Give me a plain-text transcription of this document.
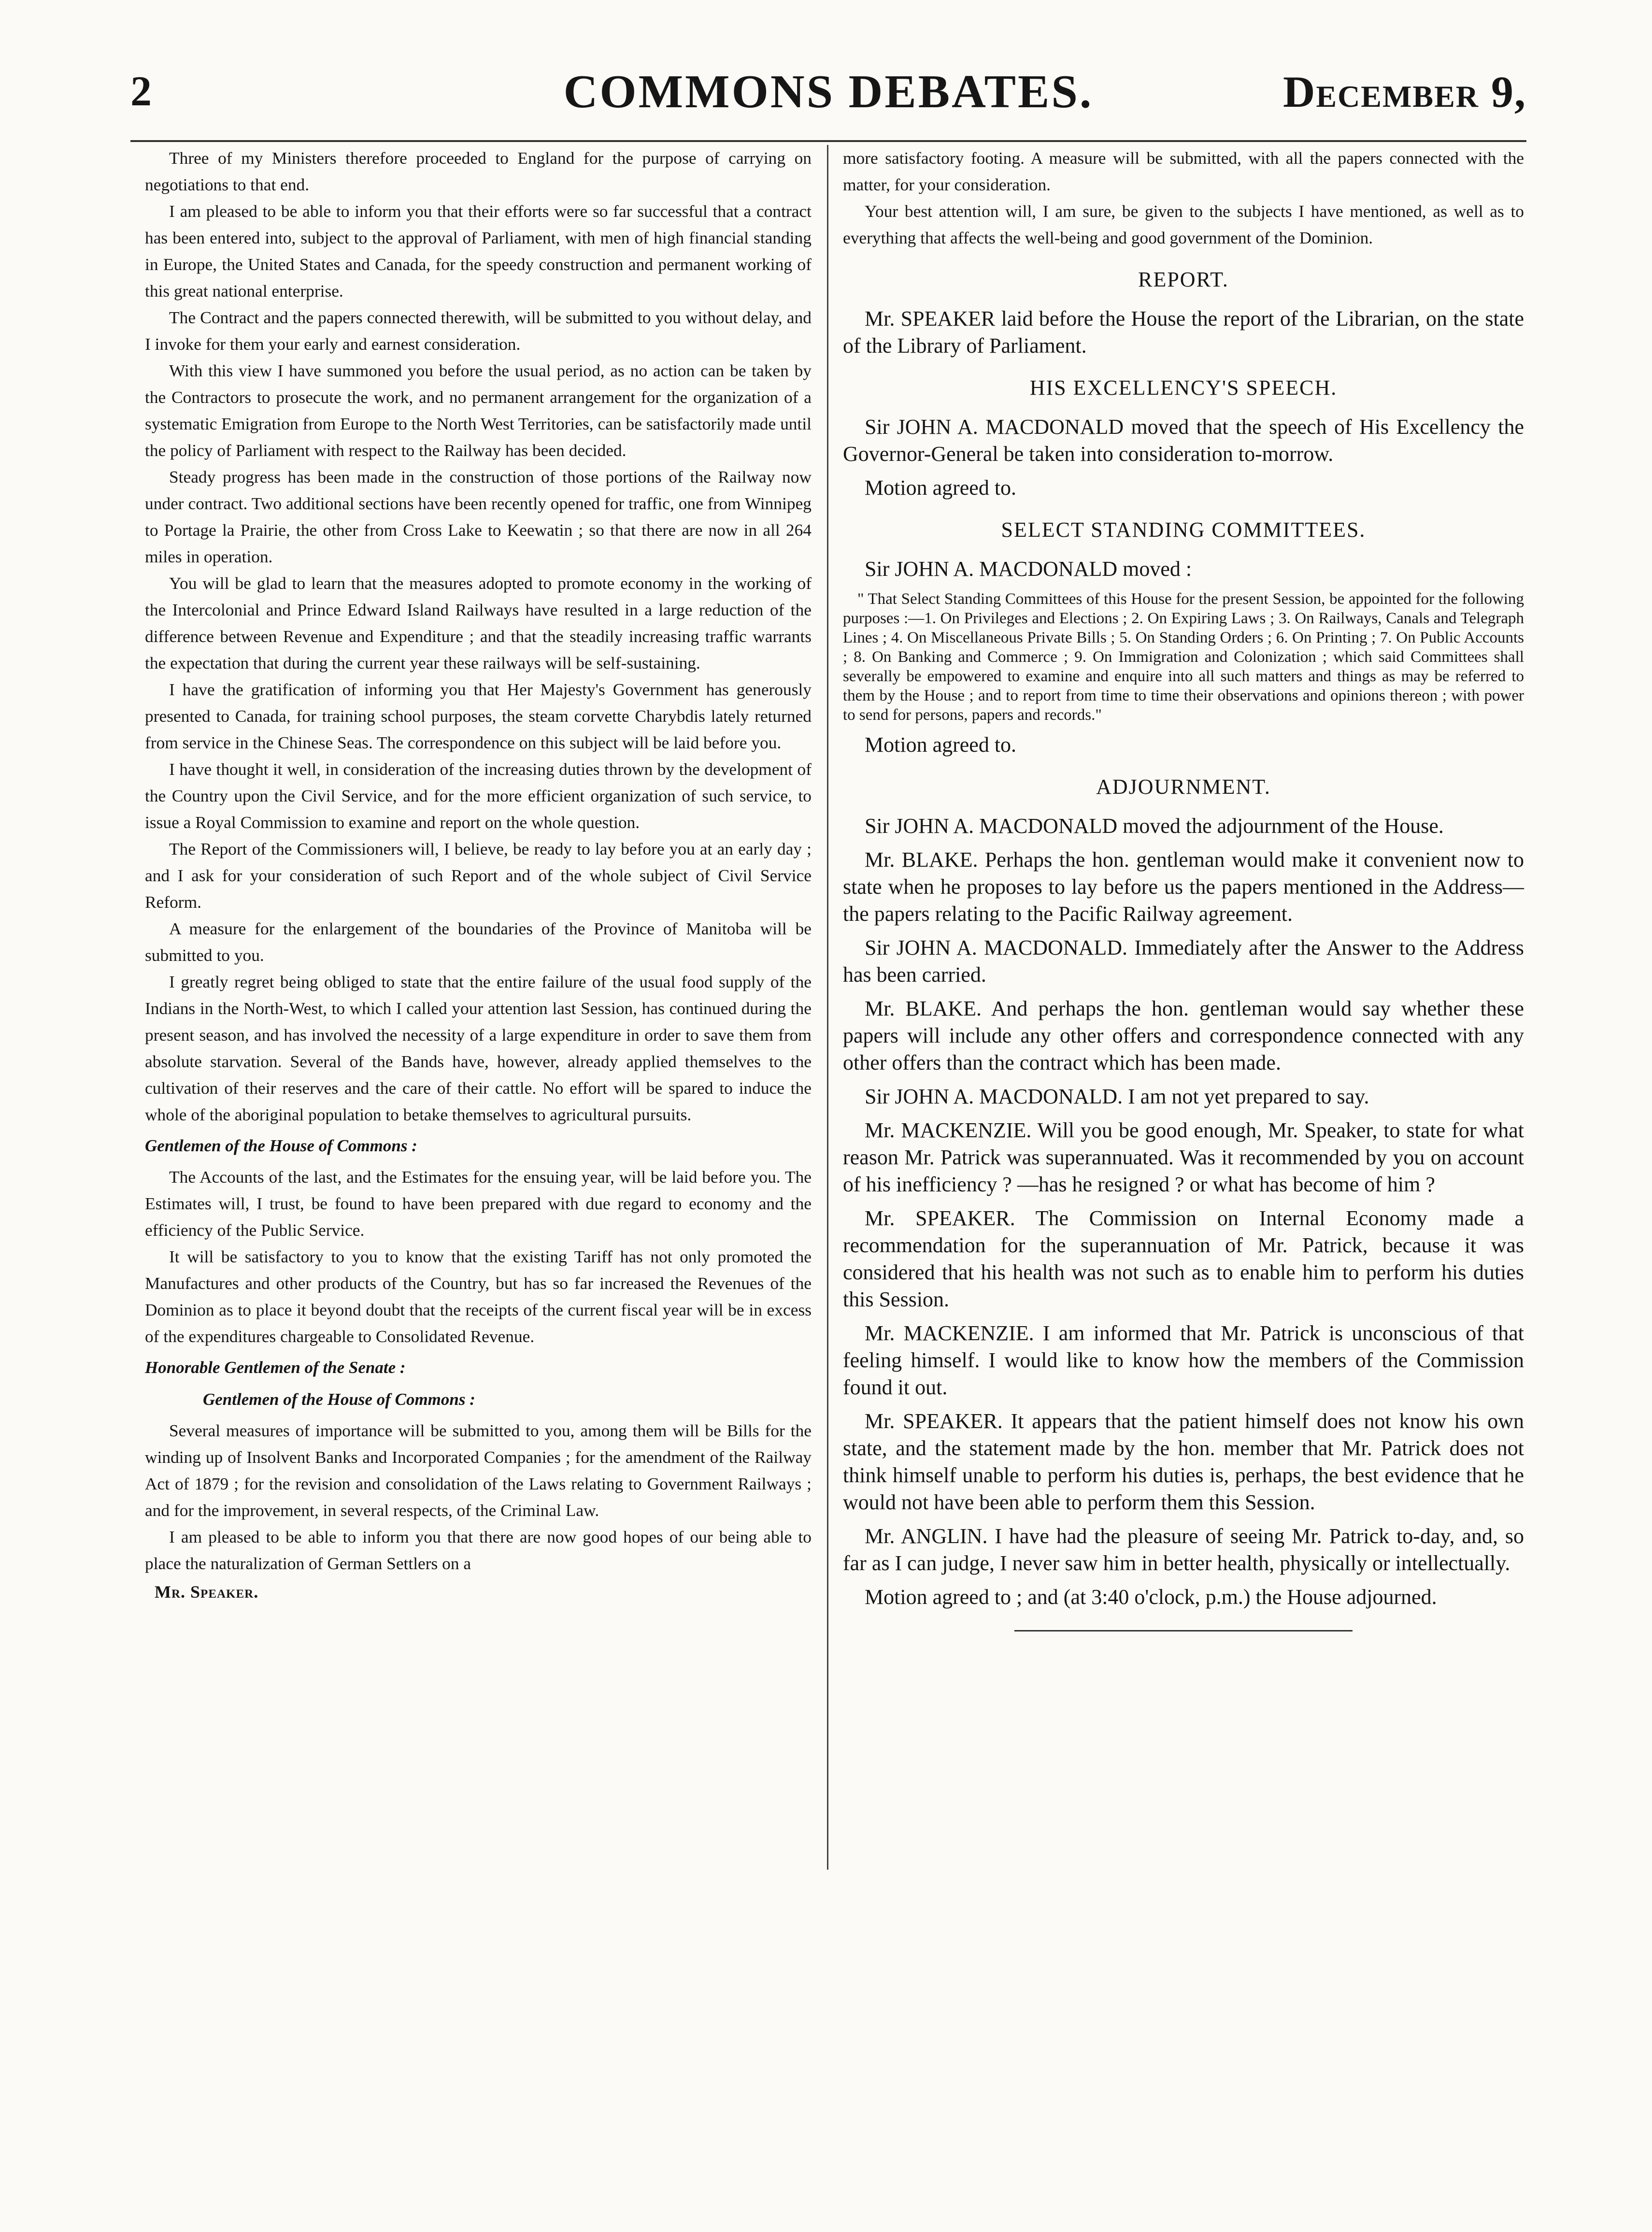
2	COMMONS DEBATES.	December 9,

Three of my Ministers therefore proceeded to England for the purpose of carrying on negotiations to that end.

I am pleased to be able to inform you that their efforts were so far successful that a contract has been entered into, subject to the approval of Parliament, with men of high financial standing in Europe, the United States and Canada, for the speedy construction and permanent working of this great national enterprise.

The Contract and the papers connected therewith, will be submitted to you without delay, and I invoke for them your early and earnest consideration.

With this view I have summoned you before the usual period, as no action can be taken by the Contractors to prosecute the work, and no permanent arrangement for the organization of a systematic Emigration from Europe to the North West Territories, can be satisfactorily made until the policy of Parliament with respect to the Railway has been decided.

Steady progress has been made in the construction of those portions of the Railway now under contract. Two additional sections have been recently opened for traffic, one from Winnipeg to Portage la Prairie, the other from Cross Lake to Keewatin ; so that there are now in all 264 miles in operation.

You will be glad to learn that the measures adopted to promote economy in the working of the Intercolonial and Prince Edward Island Railways have resulted in a large reduction of the difference between Revenue and Expenditure ; and that the steadily increasing traffic warrants the expectation that during the current year these railways will be self-sustaining.

I have the gratification of informing you that Her Majesty's Government has generously presented to Canada, for training school purposes, the steam corvette Charybdis lately returned from service in the Chinese Seas. The correspondence on this subject will be laid before you.

I have thought it well, in consideration of the increasing duties thrown by the development of the Country upon the Civil Service, and for the more efficient organization of such service, to issue a Royal Commission to examine and report on the whole question.

The Report of the Commissioners will, I believe, be ready to lay before you at an early day ; and I ask for your consideration of such Report and of the whole subject of Civil Service Reform.

A measure for the enlargement of the boundaries of the Province of Manitoba will be submitted to you.

I greatly regret being obliged to state that the entire failure of the usual food supply of the Indians in the North-West, to which I called your attention last Session, has continued during the present season, and has involved the necessity of a large expenditure in order to save them from absolute starvation. Several of the Bands have, however, already applied themselves to the cultivation of their reserves and the care of their cattle. No effort will be spared to induce the whole of the aboriginal population to betake themselves to agricultural pursuits.

Gentlemen of the House of Commons :

The Accounts of the last, and the Estimates for the ensuing year, will be laid before you. The Estimates will, I trust, be found to have been prepared with due regard to economy and the efficiency of the Public Service.

It will be satisfactory to you to know that the existing Tariff has not only promoted the Manufactures and other products of the Country, but has so far increased the Revenues of the Dominion as to place it beyond doubt that the receipts of the current fiscal year will be in excess of the expenditures chargeable to Consolidated Revenue.

Honorable Gentlemen of the Senate :
Gentlemen of the House of Commons :

Several measures of importance will be submitted to you, among them will be Bills for the winding up of Insolvent Banks and Incorporated Companies ; for the amendment of the Railway Act of 1879 ; for the revision and consolidation of the Laws relating to Government Railways ; and for the improvement, in several respects, of the Criminal Law.

I am pleased to be able to inform you that there are now good hopes of our being able to place the naturalization of German Settlers on a

Mr. Speaker.

more satisfactory footing. A measure will be submitted, with all the papers connected with the matter, for your consideration.

Your best attention will, I am sure, be given to the subjects I have mentioned, as well as to everything that affects the well-being and good government of the Dominion.

REPORT.

Mr. SPEAKER laid before the House the report of the Librarian, on the state of the Library of Parliament.

HIS EXCELLENCY'S SPEECH.

Sir JOHN A. MACDONALD moved that the speech of His Excellency the Governor-General be taken into consideration to-morrow.

Motion agreed to.

SELECT STANDING COMMITTEES.

Sir JOHN A. MACDONALD moved :

" That Select Standing Committees of this House for the present Session, be appointed for the following purposes :—1. On Privileges and Elections ; 2. On Expiring Laws ; 3. On Railways, Canals and Telegraph Lines ; 4. On Miscellaneous Private Bills ; 5. On Standing Orders ; 6. On Printing ; 7. On Public Accounts ; 8. On Banking and Commerce ; 9. On Immigration and Colonization ; which said Committees shall severally be empowered to examine and enquire into all such matters and things as may be referred to them by the House ; and to report from time to time their observations and opinions thereon ; with power to send for persons, papers and records."

Motion agreed to.

ADJOURNMENT.

Sir JOHN A. MACDONALD moved the adjournment of the House.

Mr. BLAKE. Perhaps the hon. gentleman would make it convenient now to state when he proposes to lay before us the papers mentioned in the Address—the papers relating to the Pacific Railway agreement.

Sir JOHN A. MACDONALD. Immediately after the Answer to the Address has been carried.

Mr. BLAKE. And perhaps the hon. gentleman would say whether these papers will include any other offers and correspondence connected with any other offers than the contract which has been made.

Sir JOHN A. MACDONALD. I am not yet prepared to say.

Mr. MACKENZIE. Will you be good enough, Mr. Speaker, to state for what reason Mr. Patrick was superannuated. Was it recommended by you on account of his inefficiency ? —has he resigned ? or what has become of him ?

Mr. SPEAKER. The Commission on Internal Economy made a recommendation for the superannuation of Mr. Patrick, because it was considered that his health was not such as to enable him to perform his duties this Session.

Mr. MACKENZIE. I am informed that Mr. Patrick is unconscious of that feeling himself. I would like to know how the members of the Commission found it out.

Mr. SPEAKER. It appears that the patient himself does not know his own state, and the statement made by the hon. member that Mr. Patrick does not think himself unable to perform his duties is, perhaps, the best evidence that he would not have been able to perform them this Session.

Mr. ANGLIN. I have had the pleasure of seeing Mr. Patrick to-day, and, so far as I can judge, I never saw him in better health, physically or intellectually.

Motion agreed to ; and (at 3:40 o'clock, p.m.) the House adjourned.
